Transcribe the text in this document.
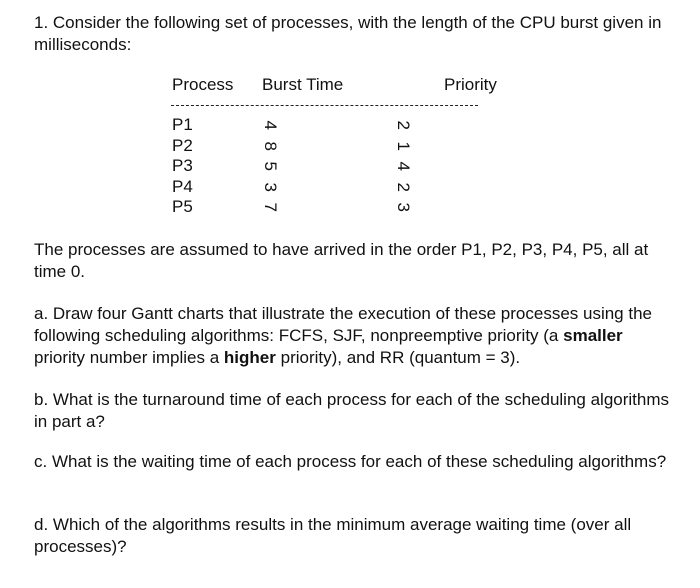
1. Consider the following set of processes, with the length of the CPU burst given in milliseconds:
Process Burst Time	Priority
P1
P2
P3
P4
P5
4
8
5
3
7
2
1
4
2
3
The processes are assumed to have arrived in the order P1, P2, P3, P4, P5, all at time 0.
a. Draw four Gantt charts that illustrate the execution of these processes using the following scheduling algorithms: FCFS, SJF, nonpreemptive priority (a smaller priority number implies a higher priority), and RR (quantum = 3).
b. What is the turnaround time of each process for each of the scheduling algorithms in part a?
c. What is the waiting time of each process for each of these scheduling algorithms?
d. Which of the algorithms results in the minimum average waiting time (over all processes)?
